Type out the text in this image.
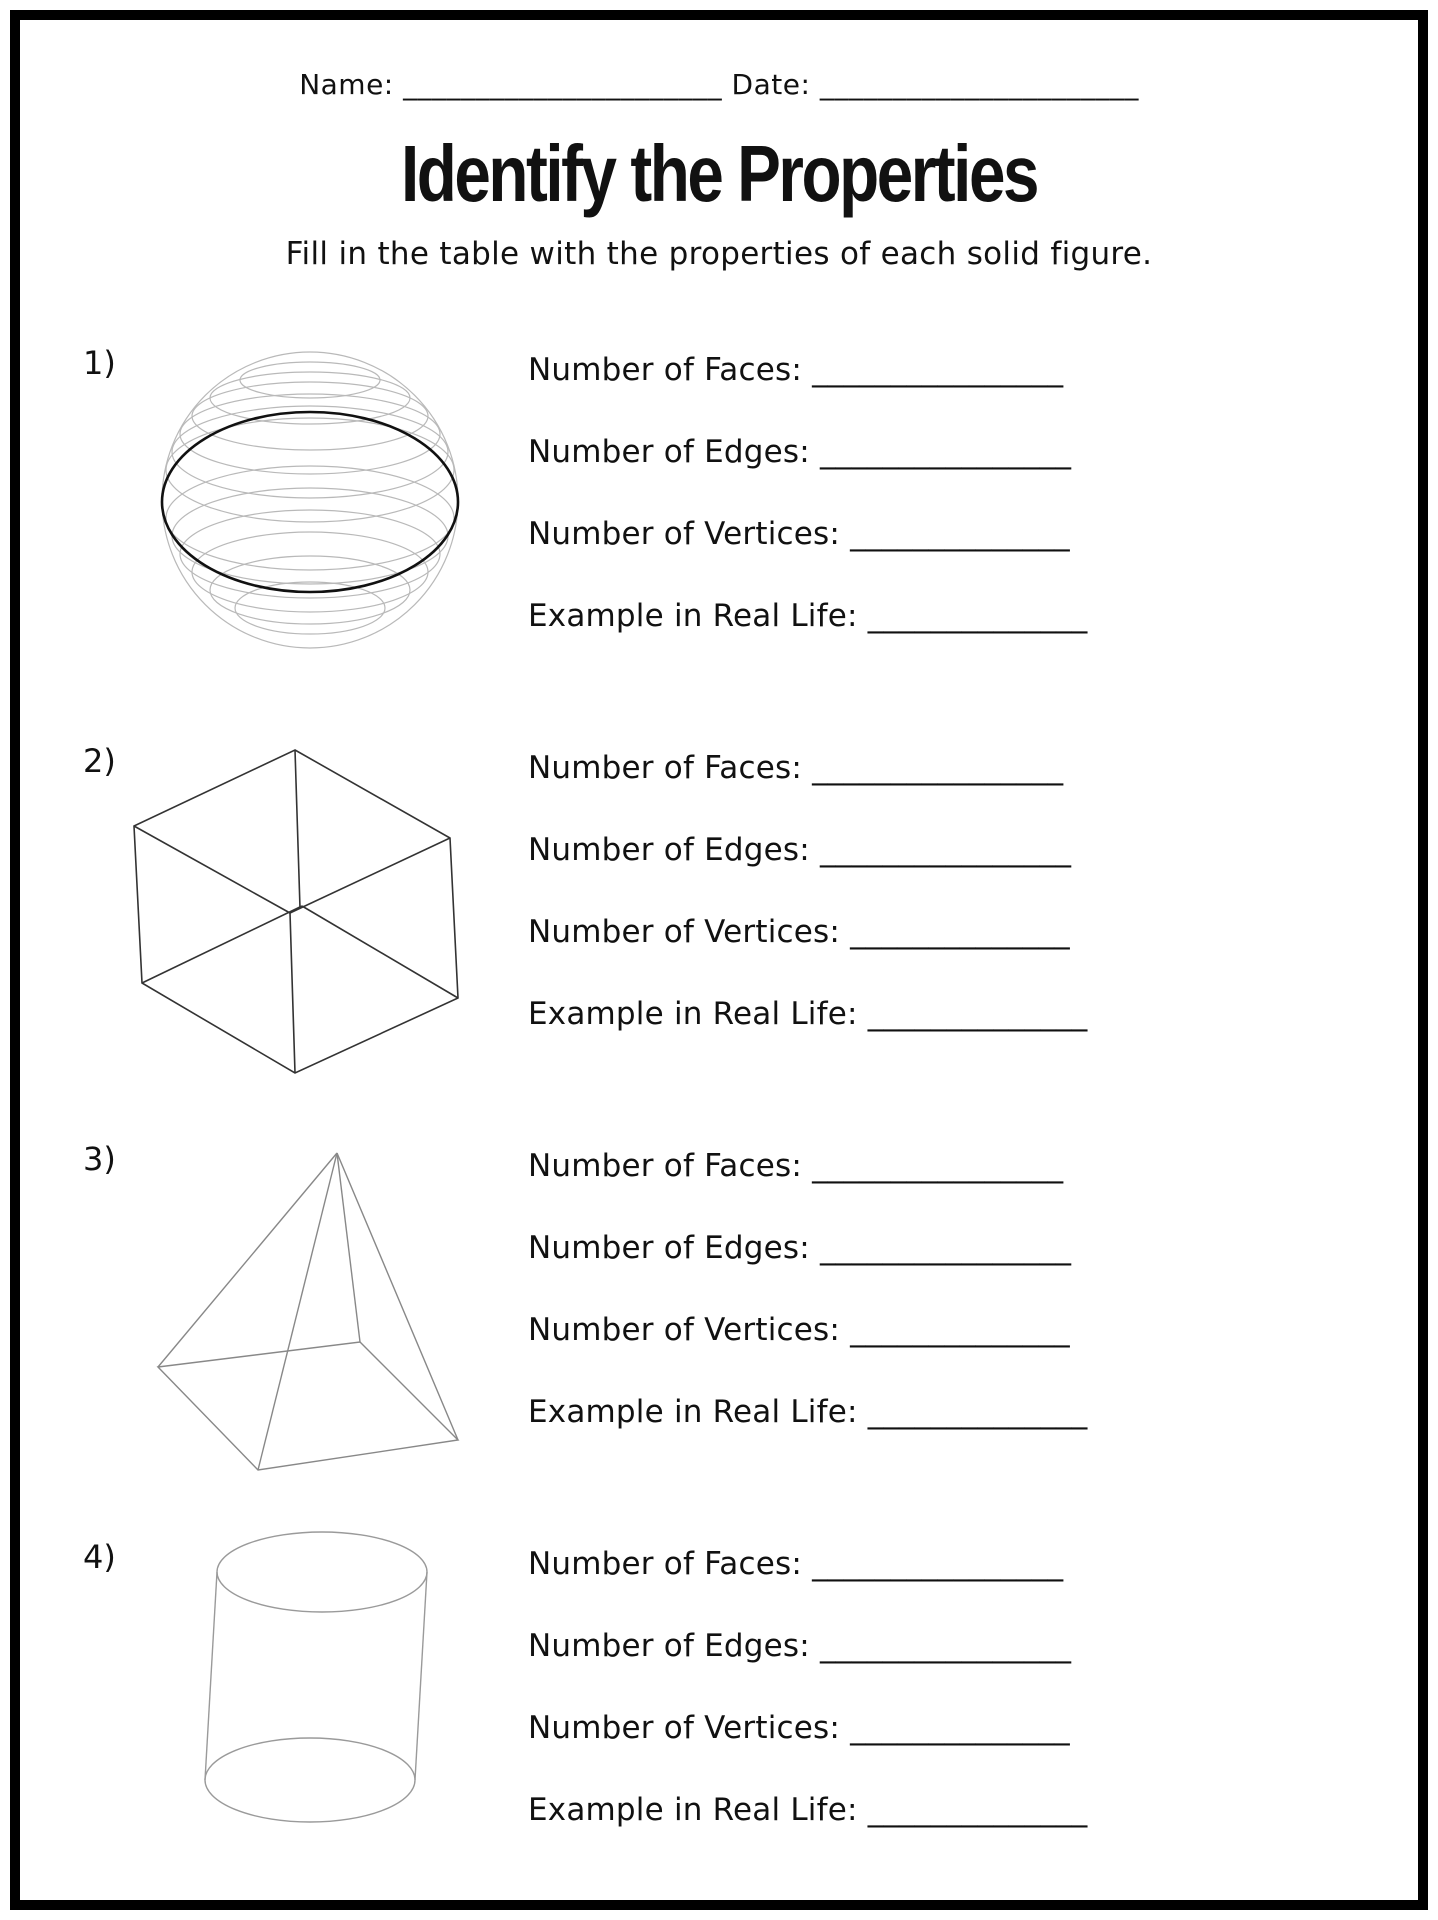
Name: ______________________ Date: ______________________
Identify the Properties
Fill in the table with the properties of each solid figure.
1)	Number of Faces: ________________
Number of Edges: ________________
Number of Vertices: ______________
Example in Real Life: ______________
2)	Number of Faces: ________________
Number of Edges: ________________
Number of Vertices: ______________
Example in Real Life: ______________
3)	Number of Faces: ________________
Number of Edges: ________________
Number of Vertices: ______________
Example in Real Life: ______________
4)	Number of Faces: ________________
Number of Edges: ________________
Number of Vertices: ______________
Example in Real Life: ______________
